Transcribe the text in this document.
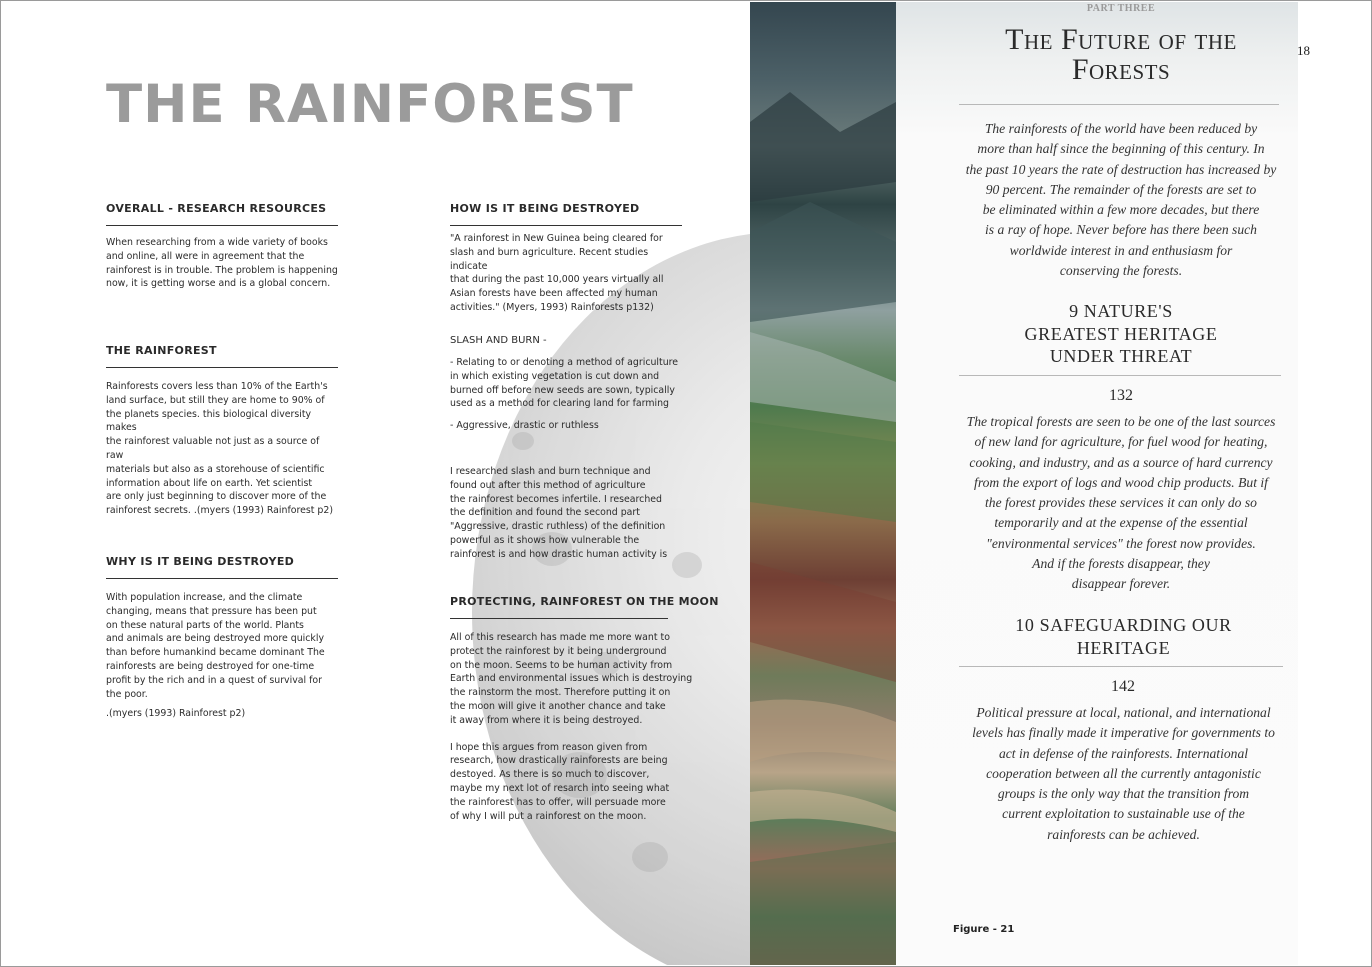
THE RAINFOREST
OVERALL - RESEARCH RESOURCES

When researching from a wide variety of books
and online, all were in agreement that the
rainforest is in trouble. The problem is happening
now, it is getting worse and is a global concern.

THE RAINFOREST

Rainforests covers less than 10% of the Earth's
land surface, but still they are home to 90% of
the planets species. this biological diversity makes
the rainforest valuable not just as a source of raw
materials but also as a storehouse of scientific
information about life on earth. Yet scientist
are only just beginning to discover more of the
rainforest secrets. .(myers (1993) Rainforest p2)

WHY IS IT BEING DESTROYED

With population increase, and the climate
changing, means that pressure has been put
on these natural parts of the world. Plants
and animals are being destroyed more quickly
than before humankind became dominant The
rainforests are being destroyed for one-time
profit by the rich and in a quest of survival for
the poor.

.(myers (1993) Rainforest p2)

HOW IS IT BEING DESTROYED

"A rainforest in New Guinea being cleared for
slash and burn agriculture. Recent studies indicate
that during the past 10,000 years virtually all
Asian forests have been affected my human
activities." (Myers, 1993) Rainforests p132)

SLASH AND BURN -
- Relating to or denoting a method of agriculture
in which existing vegetation is cut down and
burned off before new seeds are sown, typically
used as a method for clearing land for farming
- Aggressive, drastic or ruthless
I researched slash and burn technique and
found out after this method of agriculture
the rainforest becomes infertile. I researched
the definition and found the second part
"Aggressive, drastic ruthless) of the definition
powerful as it shows how vulnerable the
rainforest is and how drastic human activity is
PROTECTING, RAINFOREST ON THE MOON

All of this research has made me more want to
protect the rainforest by it being underground
on the moon. Seems to be human activity from
Earth and environmental issues which is destroying
the rainstorm the most. Therefore putting it on
the moon will give it another chance and take
it away from where it is being destroyed.

I hope this argues from reason given from
research, how drastically rainforests are being
destoyed. As there is so much to discover,
maybe my next lot of resarch into seeing what
the rainforest has to offer, will persuade more
of why I will put a rainforest on the moon.

PART THREE
18
The Future of the
Forests
The rainforests of the world have been reduced by
more than half since the beginning of this century. In
the past 10 years the rate of destruction has increased by
90 percent. The remainder of the forests are set to
be eliminated within a few more decades, but there
is a ray of hope. Never before has there been such
worldwide interest in and enthusiasm for
conserving the forests.
9 NATURE'S
GREATEST HERITAGE
UNDER THREAT
132
The tropical forests are seen to be one of the last sources
of new land for agriculture, for fuel wood for heating,
cooking, and industry, and as a source of hard currency
from the export of logs and wood chip products. But if
the forest provides these services it can only do so
temporarily and at the expense of the essential
"environmental services" the forest now provides.
And if the forests disappear, they
disappear forever.
10 SAFEGUARDING OUR
HERITAGE
142
Political pressure at local, national, and international
levels has finally made it imperative for governments to
act in defense of the rainforests. International
cooperation between all the currently antagonistic
groups is the only way that the transition from
current exploitation to sustainable use of the
rainforests can be achieved.
Figure - 21
